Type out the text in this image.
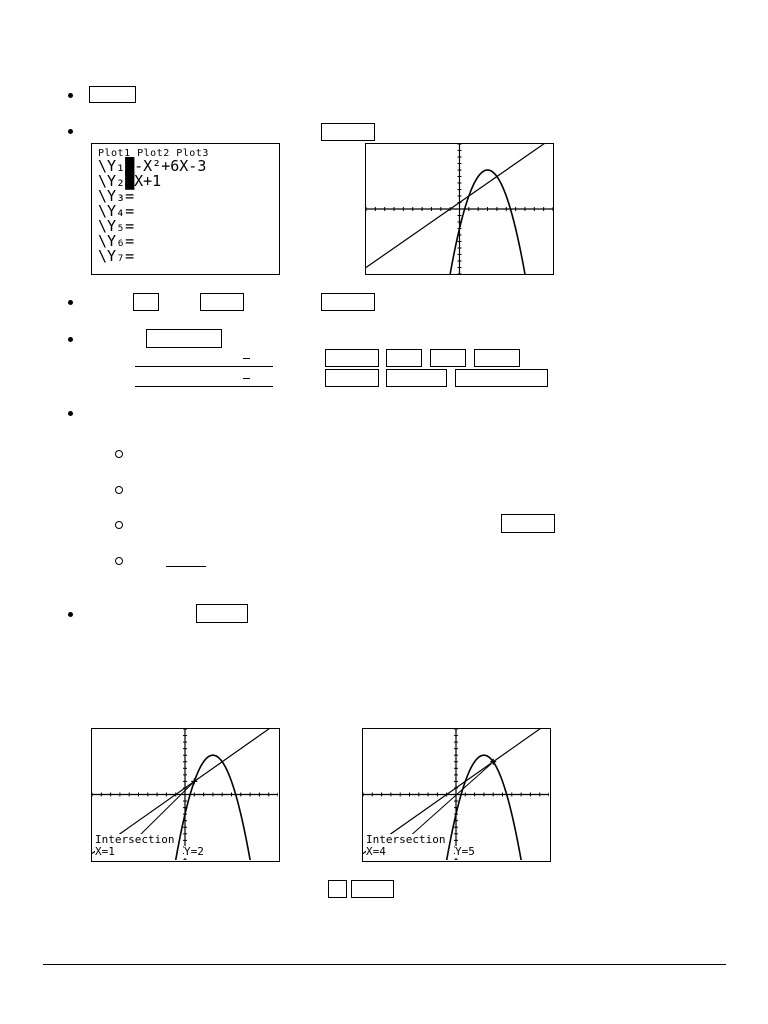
Plot1 Plot2 Plot3
\Y₁█-X²+6X-3
\Y₂█X+1
\Y₃=
\Y₄=
\Y₅=
\Y₆=
\Y₇=
Intersection
X=1	Y=2
Intersection
X=4	Y=5
